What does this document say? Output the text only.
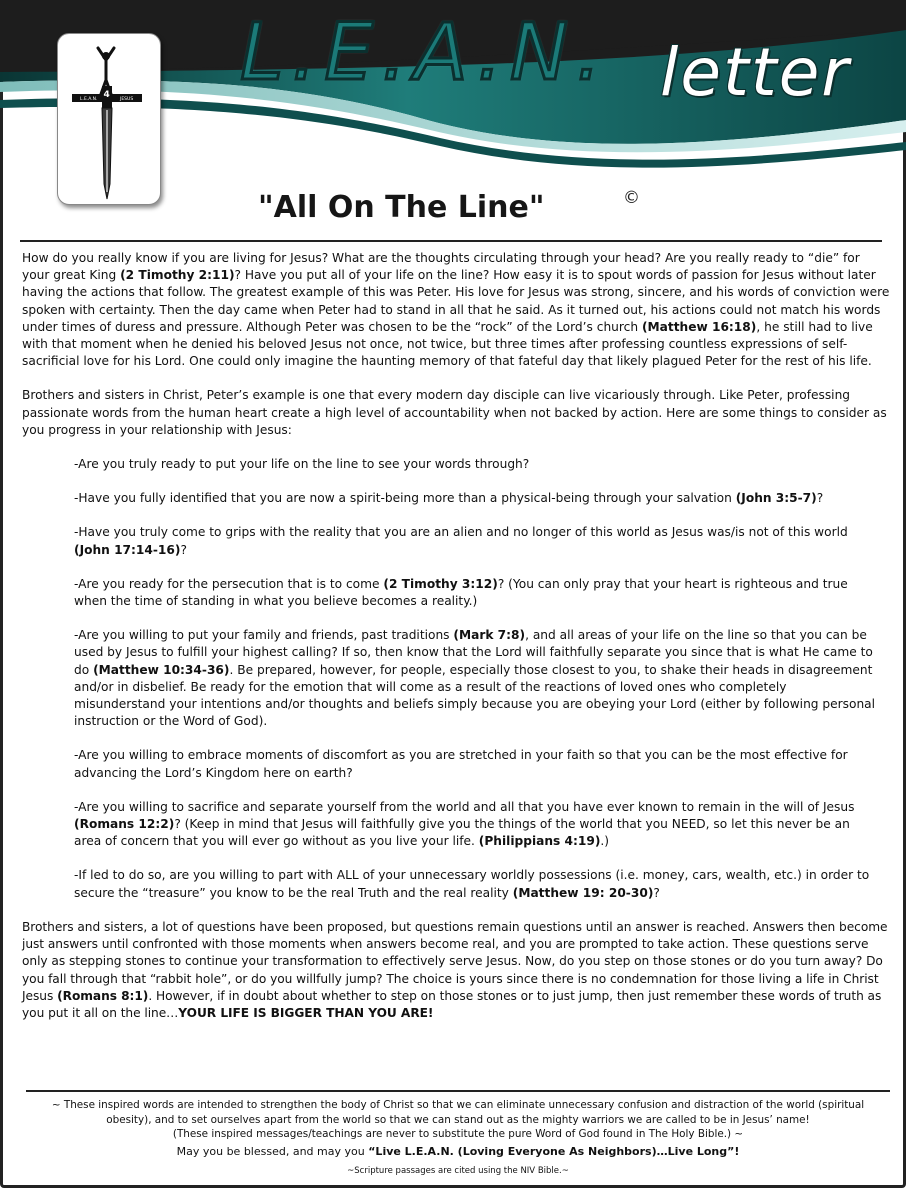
L.E.A.N.	JESUS
4 L.E.A.N. letter
"All On The Line"	©

How do you really know if you are living for Jesus? What are the thoughts circulating through your head? Are you really ready to “die” for your great King (2 Timothy 2:11)? Have you put all of your life on the line? How easy it is to spout words of passion for Jesus without later having the actions that follow. The greatest example of this was Peter. His love for Jesus was strong, sincere, and his words of conviction were spoken with certainty. Then the day came when Peter had to stand in all that he said. As it turned out, his actions could not match his words under times of duress and pressure. Although Peter was chosen to be the “rock” of the Lord’s church (Matthew 16:18), he still had to live with that moment when he denied his beloved Jesus not once, not twice, but three times after professing countless expressions of self-sacrificial love for his Lord. One could only imagine the haunting memory of that fateful day that likely plagued Peter for the rest of his life.

Brothers and sisters in Christ, Peter’s example is one that every modern day disciple can live vicariously through. Like Peter, professing passionate words from the human heart create a high level of accountability when not backed by action. Here are some things to consider as you progress in your relationship with Jesus:

-Are you truly ready to put your life on the line to see your words through?
-Have you fully identified that you are now a spirit-being more than a physical-being through your salvation (John 3:5-7)?
-Have you truly come to grips with the reality that you are an alien and no longer of this world as Jesus was/is not of this world (John 17:14-16)?
-Are you ready for the persecution that is to come (2 Timothy 3:12)? (You can only pray that your heart is righteous and true when the time of standing in what you believe becomes a reality.)
-Are you willing to put your family and friends, past traditions (Mark 7:8), and all areas of your life on the line so that you can be used by Jesus to fulfill your highest calling? If so, then know that the Lord will faithfully separate you since that is what He came to do (Matthew 10:34-36). Be prepared, however, for people, especially those closest to you, to shake their heads in disagreement and/or in disbelief. Be ready for the emotion that will come as a result of the reactions of loved ones who completely misunderstand your intentions and/or thoughts and beliefs simply because you are obeying your Lord (either by following personal instruction or the Word of God).
-Are you willing to embrace moments of discomfort as you are stretched in your faith so that you can be the most effective for advancing the Lord’s Kingdom here on earth?
-Are you willing to sacrifice and separate yourself from the world and all that you have ever known to remain in the will of Jesus (Romans 12:2)? (Keep in mind that Jesus will faithfully give you the things of the world that you NEED, so let this never be an area of concern that you will ever go without as you live your life. (Philippians 4:19).)
-If led to do so, are you willing to part with ALL of your unnecessary worldly possessions (i.e. money, cars, wealth, etc.) in order to secure the “treasure” you know to be the real Truth and the real reality (Matthew 19: 20-30)?

Brothers and sisters, a lot of questions have been proposed, but questions remain questions until an answer is reached. Answers then become just answers until confronted with those moments when answers become real, and you are prompted to take action. These questions serve only as stepping stones to continue your transformation to effectively serve Jesus. Now, do you step on those stones or do you turn away? Do you fall through that “rabbit hole”, or do you willfully jump? The choice is yours since there is no condemnation for those living a life in Christ Jesus (Romans 8:1). However, if in doubt about whether to step on those stones or to just jump, then just remember these words of truth as you put it all on the line…YOUR LIFE IS BIGGER THAN YOU ARE!

~ These inspired words are intended to strengthen the body of Christ so that we can eliminate unnecessary confusion and distraction of the world (spiritual obesity), and to set ourselves apart from the world so that we can stand out as the mighty warriors we are called to be in Jesus’ name!
(These inspired messages/teachings are never to substitute the pure Word of God found in The Holy Bible.) ~
May you be blessed, and may you “Live L.E.A.N. (Loving Everyone As Neighbors)…Live Long”!
~Scripture passages are cited using the NIV Bible.~
